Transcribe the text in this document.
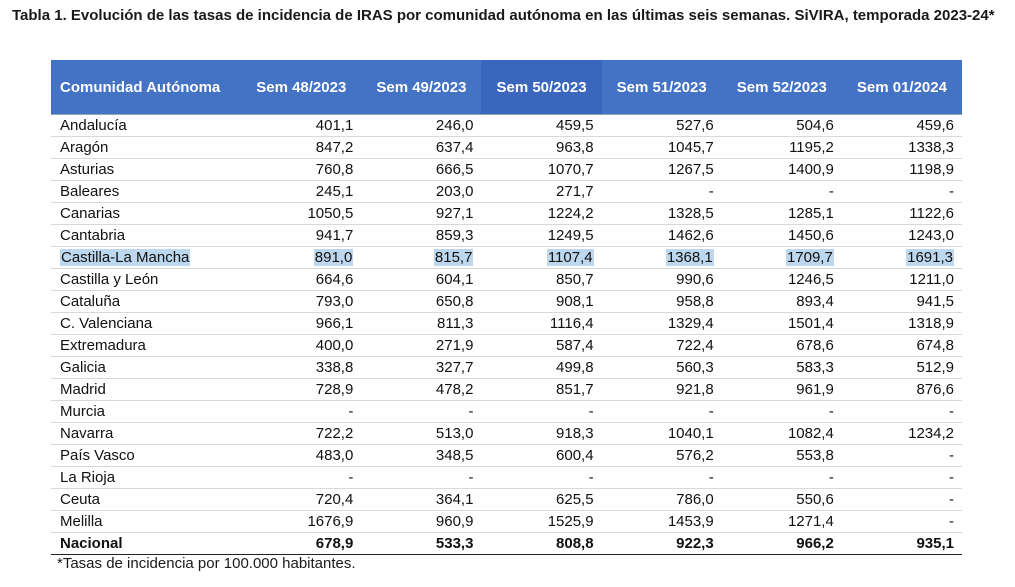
Tabla 1. Evolución de las tasas de incidencia de IRAS por comunidad autónoma en las últimas seis semanas. SiVIRA, temporada 2023-24*
Comunidad Autónoma	Sem 48/2023	Sem 49/2023	Sem 50/2023	Sem 51/2023	Sem 52/2023	Sem 01/2024
Andalucía	401,1	246,0	459,5	527,6	504,6	459,6
Aragón	847,2	637,4	963,8	1045,7	1195,2	1338,3
Asturias	760,8	666,5	1070,7	1267,5	1400,9	1198,9
Baleares	245,1	203,0	271,7	-	-	-
Canarias	1050,5	927,1	1224,2	1328,5	1285,1	1122,6
Cantabria	941,7	859,3	1249,5	1462,6	1450,6	1243,0
Castilla-La Mancha	891,0	815,7	1107,4	1368,1	1709,7	1691,3
Castilla y León	664,6	604,1	850,7	990,6	1246,5	1211,0
Cataluña	793,0	650,8	908,1	958,8	893,4	941,5
C. Valenciana	966,1	811,3	1116,4	1329,4	1501,4	1318,9
Extremadura	400,0	271,9	587,4	722,4	678,6	674,8
Galicia	338,8	327,7	499,8	560,3	583,3	512,9
Madrid	728,9	478,2	851,7	921,8	961,9	876,6
Murcia	-	-	-	-	-	-
Navarra	722,2	513,0	918,3	1040,1	1082,4	1234,2
País Vasco	483,0	348,5	600,4	576,2	553,8	-
La Rioja	-	-	-	-	-	-
Ceuta	720,4	364,1	625,5	786,0	550,6	-
Melilla	1676,9	960,9	1525,9	1453,9	1271,4	-
Nacional	678,9	533,3	808,8	922,3	966,2	935,1
*Tasas de incidencia por 100.000 habitantes.
